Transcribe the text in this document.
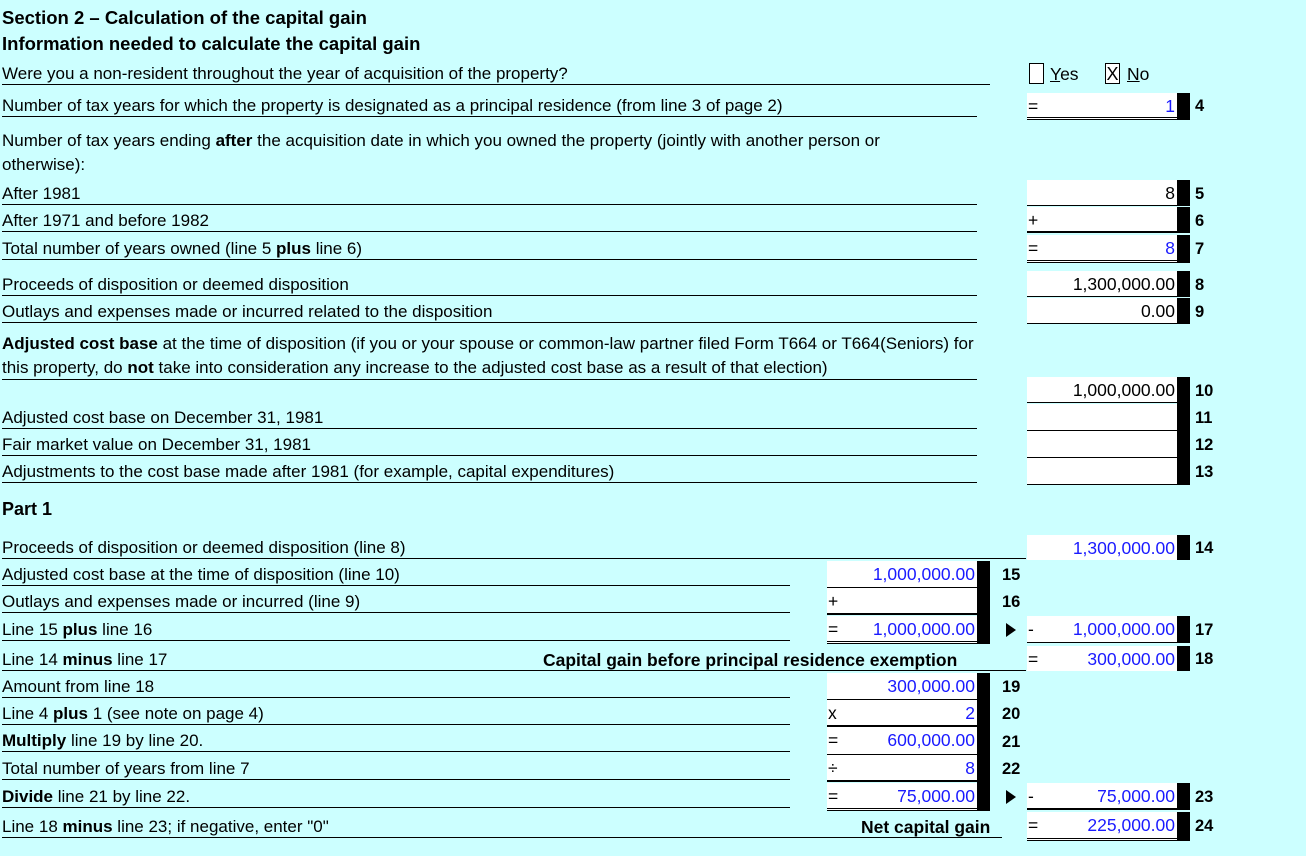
Section 2 – Calculation of the capital gain
Information needed to calculate the capital gain
Were you a non-resident throughout the year of acquisition of the property?	Yes X No
Number of tax years for which the property is designated as a principal residence (from line 3 of page 2)	=	1 4
Number of tax years ending after the acquisition date in which you owned the property (jointly with another person or otherwise):
After 1981	8 5
After 1971 and before 1982	+	6
Total number of years owned (line 5 plus line 6)	=	8 7
Proceeds of disposition or deemed disposition	1,300,000.00 8
Outlays and expenses made or incurred related to the disposition	0.00 9
Adjusted cost base at the time of disposition (if you or your spouse or common-law partner filed Form T664 or T664(Seniors) for this property, do not take into consideration any increase to the adjusted cost base as a result of that election)
1,000,000.00 10
Adjusted cost base on December 31, 1981	11
Fair market value on December 31, 1981	12
Adjustments to the cost base made after 1981 (for example, capital expenditures)	13
Part 1
Proceeds of disposition or deemed disposition (line 8)	1,300,000.00 14
Adjusted cost base at the time of disposition (line 10)	1,000,000.00 15
Outlays and expenses made or incurred (line 9)	+	16
Line 15 plus line 16	= 1,000,000.00	- 1,000,000.00 17
Line 14 minus line 17	Capital gain before principal residence exemption	=	300,000.00 18
Amount from line 18	300,000.00 19
Line 4 plus 1 (see note on page 4)	x	2 20
Multiply line 19 by line 20.	=	600,000.00 21
Total number of years from line 7	÷	8 22
Divide line 21 by line 22.	=	75,000.00	-	75,000.00 23
Line 18 minus line 23; if negative, enter "0"	Net capital gain =	225,000.00 24
